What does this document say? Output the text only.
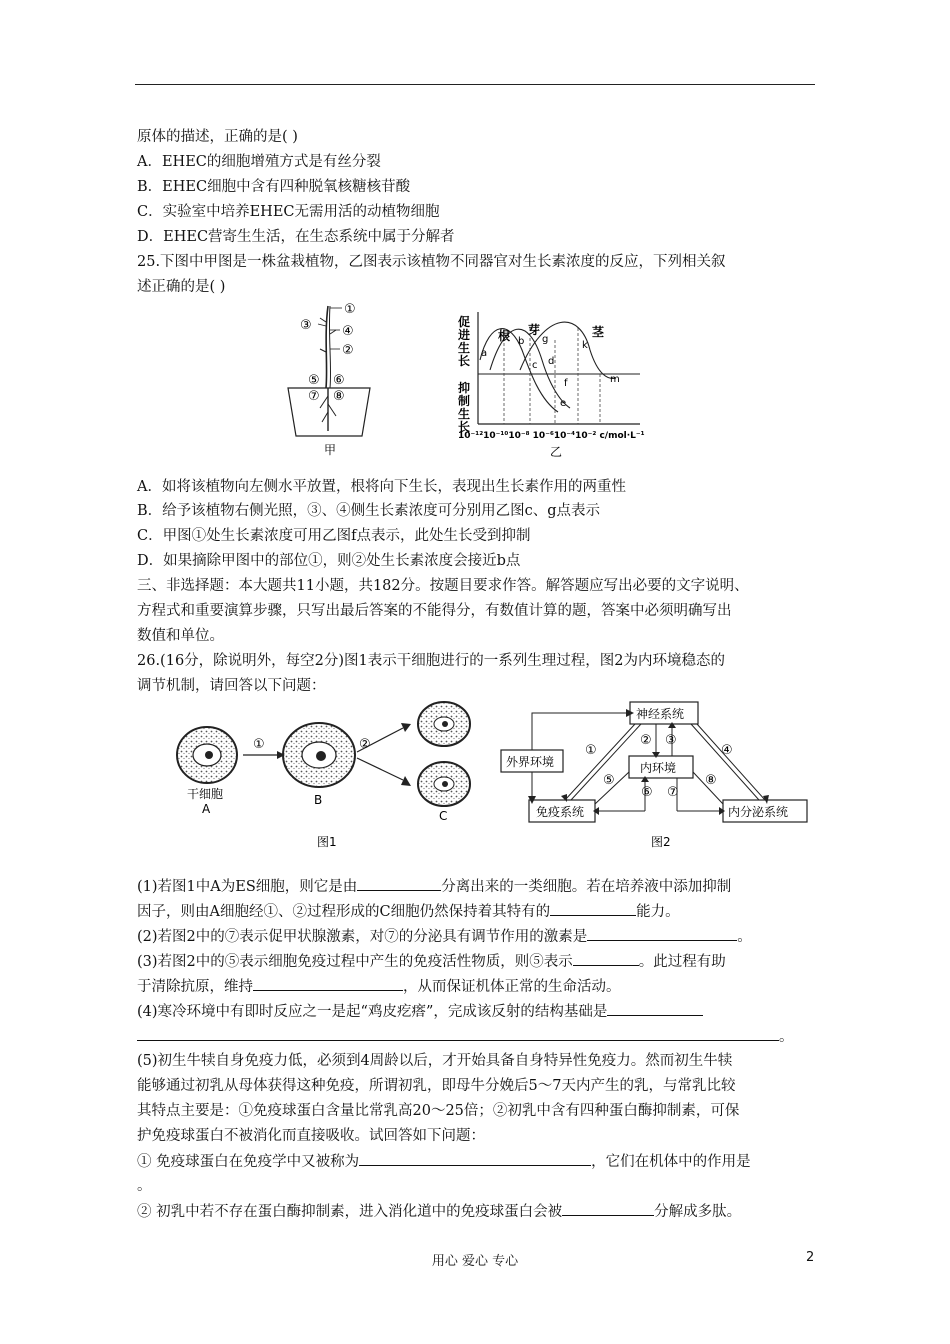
原体的描述，正确的是( )
A．EHEC的细胞增殖方式是有丝分裂
B．EHEC细胞中含有四种脱氧核糖核苷酸
C．实验室中培养EHEC无需用活的动植物细胞
D．EHEC营寄生生活，在生态系统中属于分解者
25.下图中甲图是一株盆栽植物，乙图表示该植物不同器官对生长素浓度的反应，下列相关叙
述正确的是( )
①
③ ④
②
⑤ ⑥
⑦ ⑧
甲
促
进
生
长
抑
制
生
长
根 芽	茎
a
b
c d
e
f
g
k
m
10⁻¹²10⁻¹⁰10⁻⁸ 10⁻⁶10⁻⁴10⁻² c/mol·L⁻¹
乙
A．如将该植物向左侧水平放置，根将向下生长，表现出生长素作用的两重性
B．给予该植物右侧光照，③、④侧生长素浓度可分别用乙图c、g点表示
C．甲图①处生长素浓度可用乙图f点表示，此处生长受到抑制
D．如果摘除甲图中的部位①，则②处生长素浓度会接近b点
三、非选择题：本大题共11小题，共182分。按题目要求作答。解答题应写出必要的文字说明、
方程式和重要演算步骤，只写出最后答案的不能得分，有数值计算的题，答案中必须明确写出
数值和单位。
26.(16分，除说明外，每空2分)图1表示干细胞进行的一系列生理过程，图2为内环境稳态的
调节机制，请回答以下问题：
①	②
干细胞
A
B
C
图1
神经系统
外界环境	内环境
免疫系统	内分泌系统
①
② ③
④
⑤
⑥ ⑦
⑧
图2
(1)若图1中A为ES细胞，则它是由	分离出来的一类细胞。若在培养液中添加抑制
因子，则由A细胞经①、②过程形成的C细胞仍然保持着其特有的	能力。
(2)若图2中的⑦表示促甲状腺激素，对⑦的分泌具有调节作用的激素是	。
(3)若图2中的⑤表示细胞免疫过程中产生的免疫活性物质，则⑤表示	。此过程有助
于清除抗原，维持	，从而保证机体正常的生命活动。
(4)寒冷环境中有即时反应之一是起“鸡皮疙瘩”，完成该反射的结构基础是
。
(5)初生牛犊自身免疫力低，必须到4周龄以后，才开始具备自身特异性免疫力。然而初生牛犊
能够通过初乳从母体获得这种免疫，所谓初乳，即母牛分娩后5～7天内产生的乳，与常乳比较
其特点主要是：①免疫球蛋白含量比常乳高20～25倍；②初乳中含有四种蛋白酶抑制素，可保
护免疫球蛋白不被消化而直接吸收。试回答如下问题：
① 免疫球蛋白在免疫学中又被称为	，它们在机体中的作用是
。
② 初乳中若不存在蛋白酶抑制素，进入消化道中的免疫球蛋白会被	分解成多肽。
用心 爱心 专心	2
